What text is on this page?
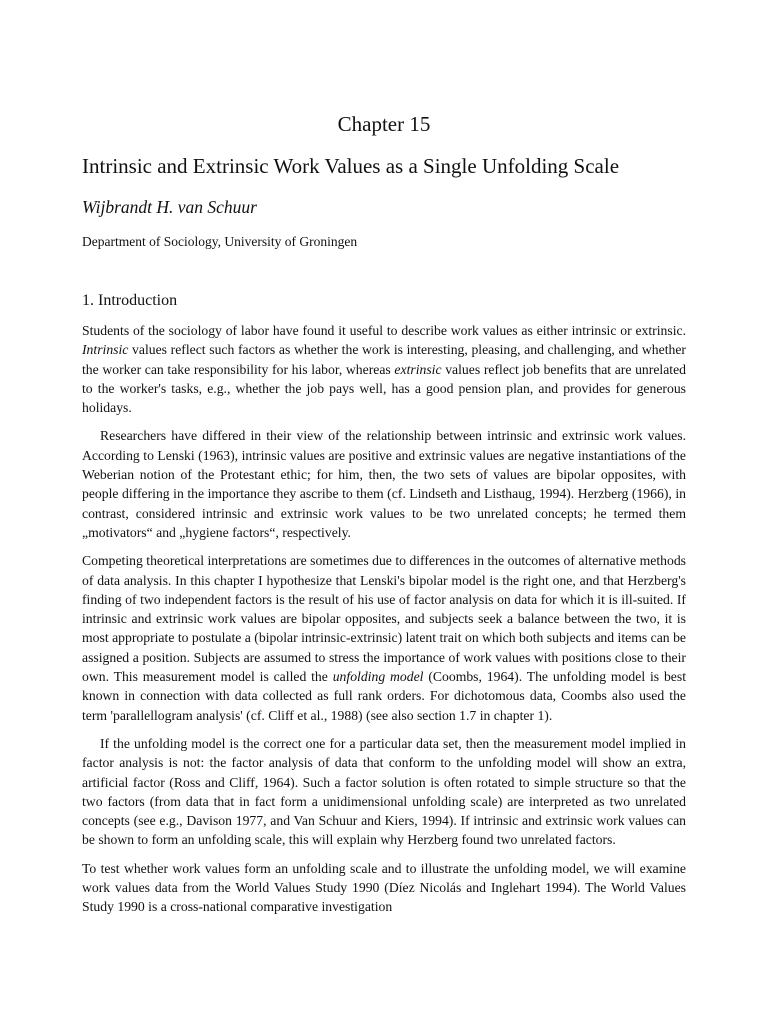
Chapter 15
Intrinsic and Extrinsic Work Values as a Single Unfolding Scale

Wijbrandt H. van Schuur

Department of Sociology, University of Groningen

1. Introduction

Students of the sociology of labor have found it useful to describe work values as either intrinsic or extrinsic. Intrinsic values reflect such factors as whether the work is interesting, pleasing, and challenging, and whether the worker can take responsibility for his labor, whereas extrinsic values reflect job benefits that are unrelated to the worker's tasks, e.g., whether the job pays well, has a good pension plan, and provides for generous holidays.

Researchers have differed in their view of the relationship between intrinsic and extrinsic work values. According to Lenski (1963), intrinsic values are positive and extrinsic values are negative instantiations of the Weberian notion of the Protestant ethic; for him, then, the two sets of values are bipolar opposites, with people differing in the importance they ascribe to them (cf. Lindseth and Listhaug, 1994). Herzberg (1966), in contrast, considered intrinsic and extrinsic work values to be two unrelated concepts; he termed them „motivators“ and „hygiene factors“, respectively.

Competing theoretical interpretations are sometimes due to differences in the outcomes of alternative methods of data analysis. In this chapter I hypothesize that Lenski's bipolar model is the right one, and that Herzberg's finding of two independent factors is the result of his use of factor analysis on data for which it is ill-suited. If intrinsic and extrinsic work values are bipolar opposites, and subjects seek a balance between the two, it is most appropriate to postulate a (bipolar intrinsic-extrinsic) latent trait on which both subjects and items can be assigned a position. Subjects are assumed to stress the importance of work values with positions close to their own. This measurement model is called the unfolding model (Coombs, 1964). The unfolding model is best known in connection with data collected as full rank orders. For dichotomous data, Coombs also used the term 'parallellogram analysis' (cf. Cliff et al., 1988) (see also section 1.7 in chapter 1).

If the unfolding model is the correct one for a particular data set, then the measurement model implied in factor analysis is not: the factor analysis of data that conform to the unfolding model will show an extra, artificial factor (Ross and Cliff, 1964). Such a factor solution is often rotated to simple structure so that the two factors (from data that in fact form a unidimensional unfolding scale) are interpreted as two unrelated concepts (see e.g., Davison 1977, and Van Schuur and Kiers, 1994). If intrinsic and extrinsic work values can be shown to form an unfolding scale, this will explain why Herzberg found two unrelated factors.

To test whether work values form an unfolding scale and to illustrate the unfolding model, we will examine work values data from the World Values Study 1990 (Díez Nicolás and Inglehart 1994). The World Values Study 1990 is a cross-national comparative investigation
